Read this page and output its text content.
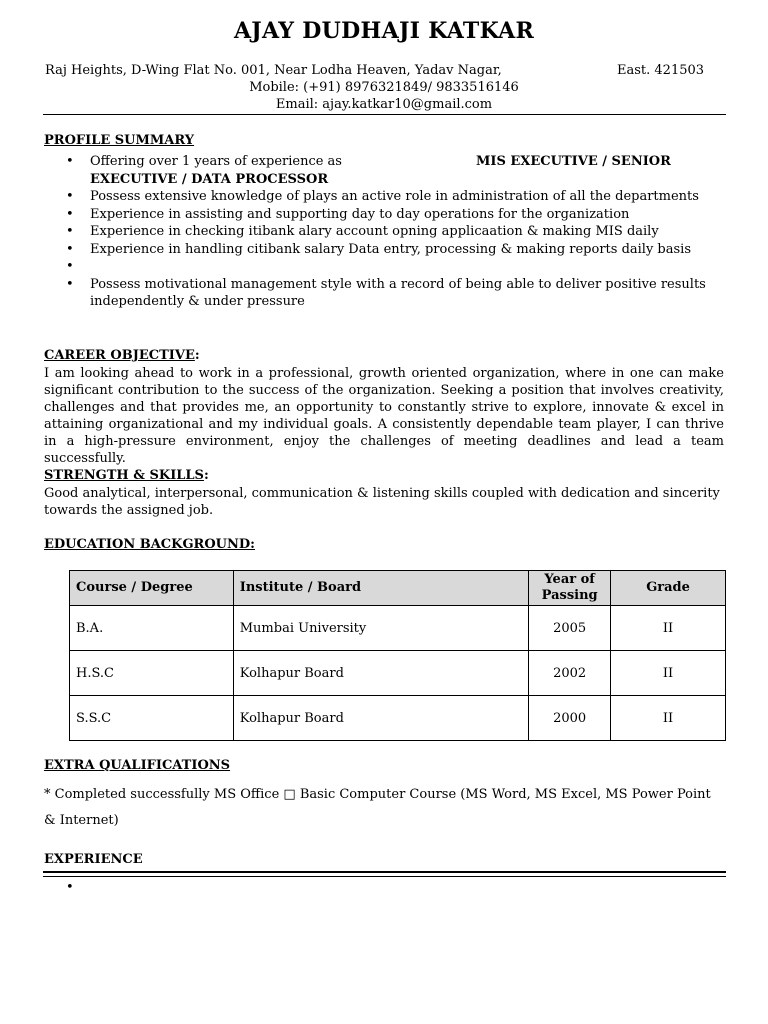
AJAY DUDHAJI KATKAR
Raj Heights, D-Wing Flat No. 001, Near Lodha Heaven, Yadav Nagar,	East. 421503
Mobile: (+91) 8976321849/ 9833516146
Email: ajay.katkar10@gmail.com
PROFILE SUMMARY
• Offering over 1 years of experience as	MIS EXECUTIVE / SENIOR EXECUTIVE / DATA PROCESSOR
• Possess extensive knowledge of plays an active role in administration of all the departments
• Experience in assisting and supporting day to day operations for the organization
• Experience in checking itibank alary account opning applicaation & making MIS daily
• Experience in handling citibank salary Data entry, processing & making reports daily basis
•
• Possess motivational management style with a record of being able to deliver positive results independently & under pressure
CAREER OBJECTIVE:
I am looking ahead to work in a professional, growth oriented organization, where in one can make significant contribution to the success of the organization. Seeking a position that involves creativity, challenges and that provides me, an opportunity to constantly strive to explore, innovate & excel in attaining organizational and my individual goals. A consistently dependable team player, I can thrive in a high-pressure environment, enjoy the challenges of meeting deadlines and lead a team successfully.
STRENGTH & SKILLS:
Good analytical, interpersonal, communication & listening skills coupled with dedication and sincerity towards the assigned job.
EDUCATION BACKGROUND:
Course / Degree	Institute / Board	Year of Passing	Grade
B.A.	Mumbai University	2005	II
H.S.C	Kolhapur Board	2002	II
S.S.C	Kolhapur Board	2000	II
EXTRA QUALIFICATIONS
* Completed successfully MS Office □ Basic Computer Course (MS Word, MS Excel, MS Power Point & Internet)
EXPERIENCE
•
